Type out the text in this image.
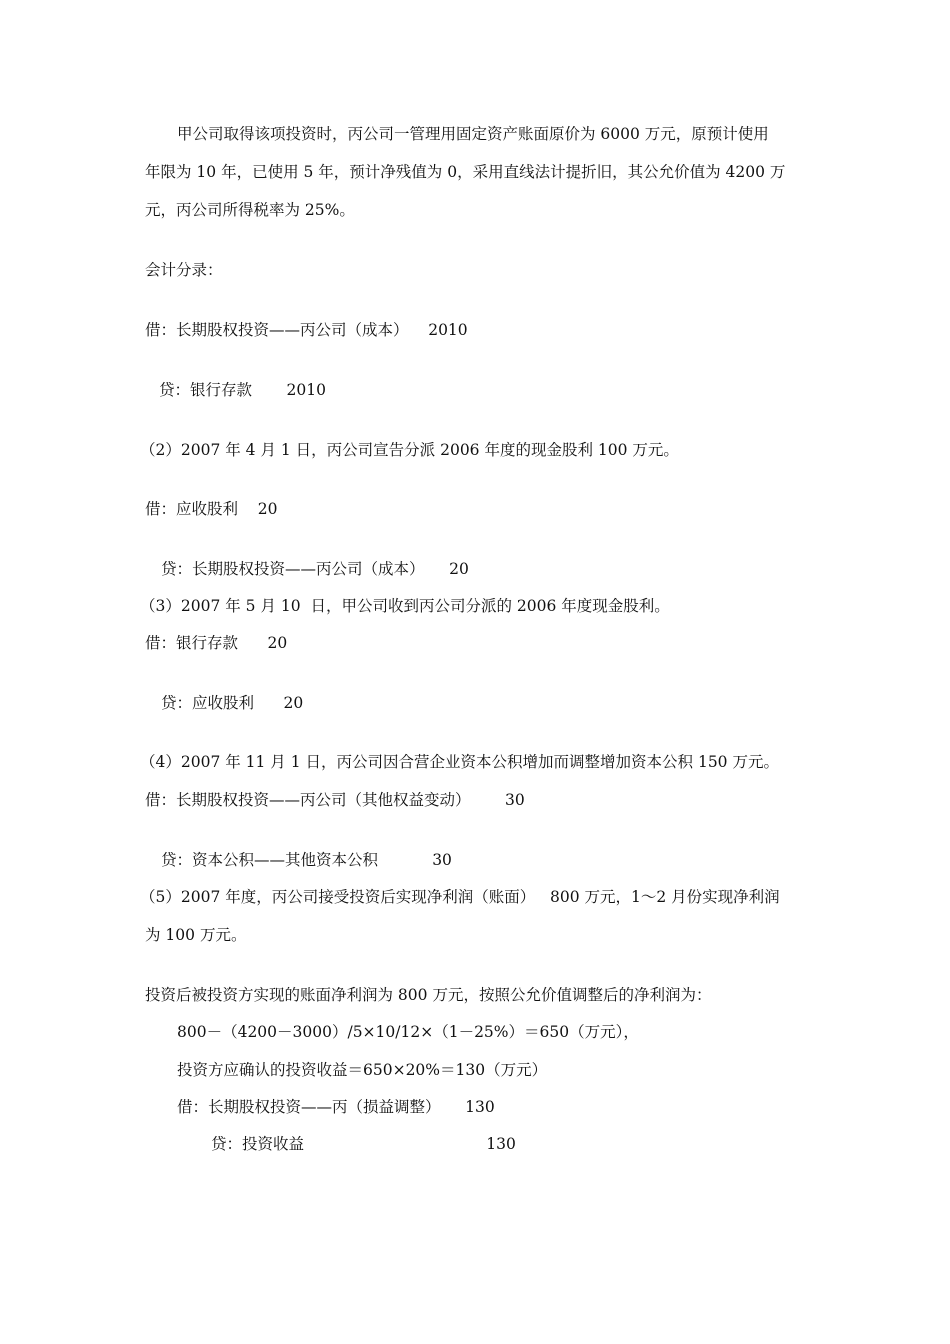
甲公司取得该项投资时，丙公司一管理用固定资产账面原价为 6000 万元，原预计使用
年限为 10 年，已使用 5 年，预计净残值为 0，采用直线法计提折旧，其公允价值为 4200 万
元，丙公司所得税率为 25%。
会计分录：
借：长期股权投资——丙公司（成本）    2010
贷：银行存款       2010
（2）2007 年 4 月 1 日，丙公司宣告分派 2006 年度的现金股利 100 万元。
借：应收股利    20
贷：长期股权投资——丙公司（成本）     20
（3）2007 年 5 月 10  日，甲公司收到丙公司分派的 2006 年度现金股利。
借：银行存款      20
贷：应收股利      20
（4）2007 年 11 月 1 日，丙公司因合营企业资本公积增加而调整增加资本公积 150 万元。
借：长期股权投资——丙公司（其他权益变动）       30
贷：资本公积——其他资本公积           30
（5）2007 年度，丙公司接受投资后实现净利润（账面）   800 万元，1～2 月份实现净利润
为 100 万元。
投资后被投资方实现的账面净利润为 800 万元，按照公允价值调整后的净利润为：
800－（4200－3000）/5×10/12×（1－25%）＝650（万元），
投资方应确认的投资收益＝650×20%＝130（万元）
借：长期股权投资——丙（损益调整）     130
贷：投资收益                                     130
